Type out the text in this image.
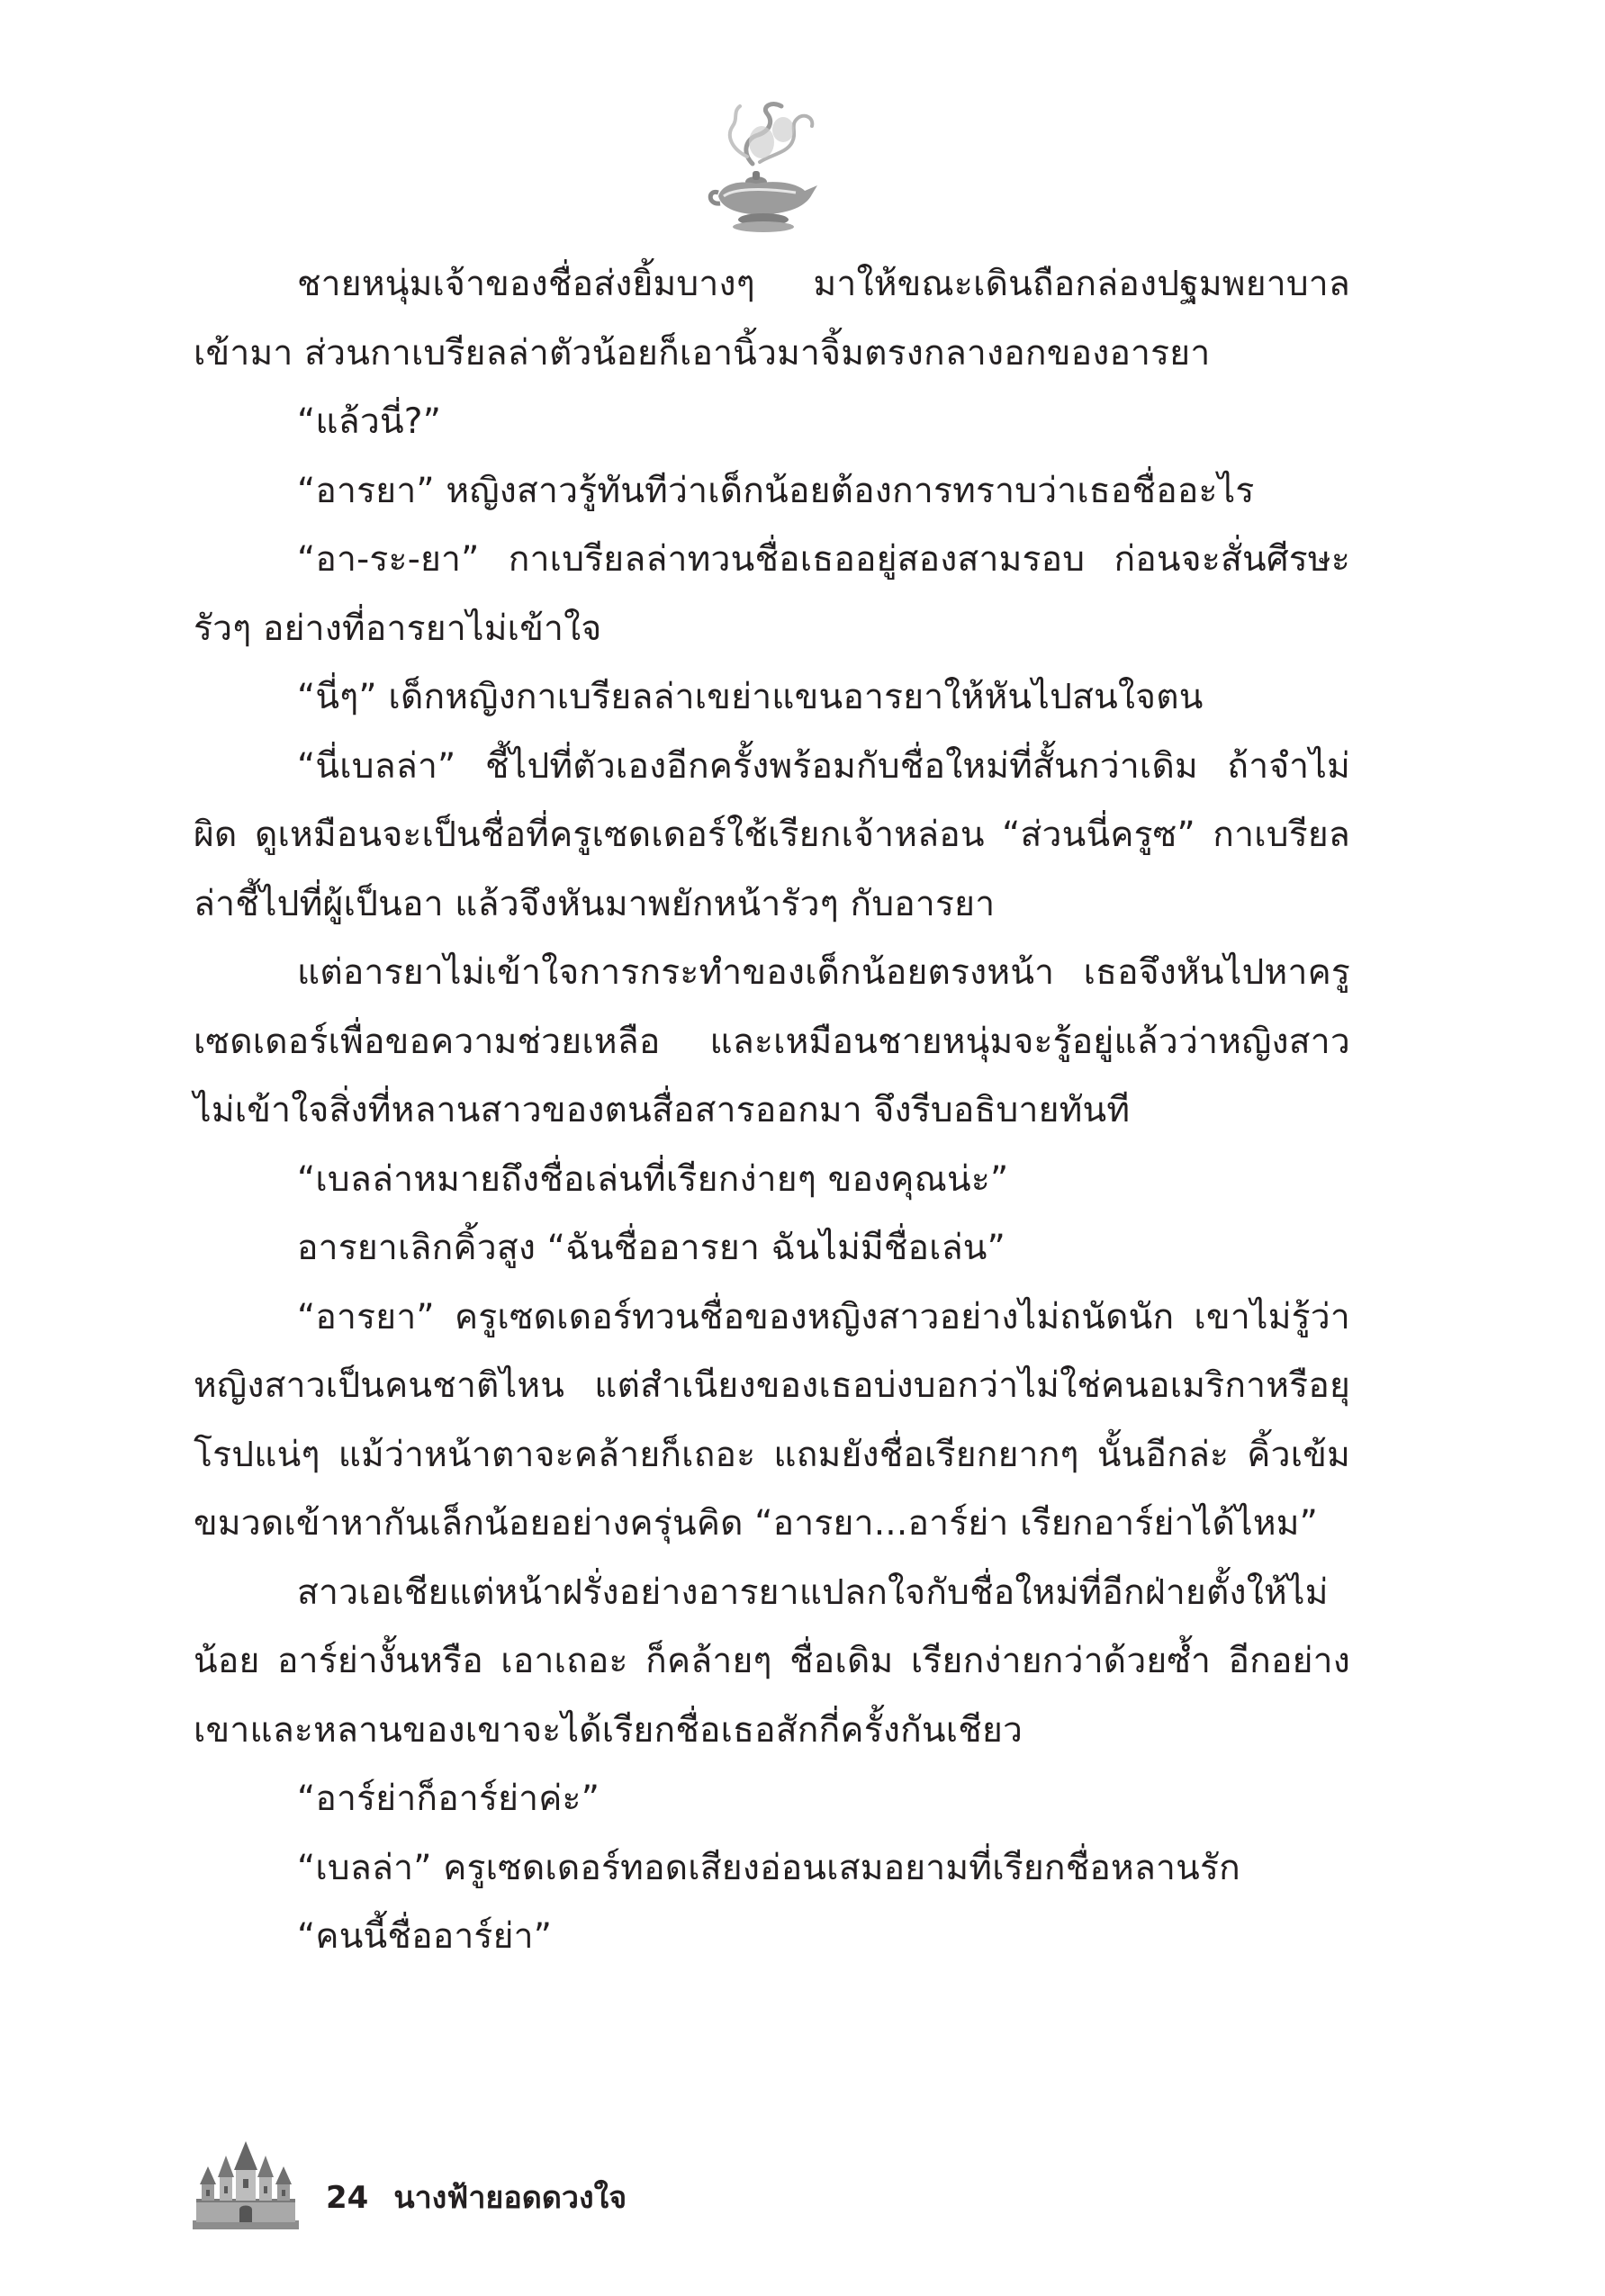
ชายหนุ่มเจ้าของชื่อส่งยิ้มบางๆ มาให้ขณะเดินถือกล่องปฐมพยาบาลเข้ามา ส่วนกาเบรียลล่าตัวน้อยก็เอานิ้วมาจิ้มตรงกลางอกของอารยา

“แล้วนี่?”

“อารยา” หญิงสาวรู้ทันทีว่าเด็กน้อยต้องการทราบว่าเธอชื่ออะไร

“อา-ระ-ยา” กาเบรียลล่าทวนชื่อเธออยู่สองสามรอบ ก่อนจะสั่นศีรษะรัวๆ อย่างที่อารยาไม่เข้าใจ

“นี่ๆ” เด็กหญิงกาเบรียลล่าเขย่าแขนอารยาให้หันไปสนใจตน

“นี่เบลล่า” ชี้ไปที่ตัวเองอีกครั้งพร้อมกับชื่อใหม่ที่สั้นกว่าเดิม ถ้าจำไม่ผิด ดูเหมือนจะเป็นชื่อที่ครูเซดเดอร์ใช้เรียกเจ้าหล่อน “ส่วนนี่ครูซ” กาเบรียลล่าชี้ไปที่ผู้เป็นอา แล้วจึงหันมาพยักหน้ารัวๆ กับอารยา

แต่อารยาไม่เข้าใจการกระทำของเด็กน้อยตรงหน้า เธอจึงหันไปหาครูเซดเดอร์เพื่อขอความช่วยเหลือ และเหมือนชายหนุ่มจะรู้อยู่แล้วว่าหญิงสาวไม่เข้าใจสิ่งที่หลานสาวของตนสื่อสารออกมา จึงรีบอธิบายทันที

“เบลล่าหมายถึงชื่อเล่นที่เรียกง่ายๆ ของคุณน่ะ”

อารยาเลิกคิ้วสูง “ฉันชื่ออารยา ฉันไม่มีชื่อเล่น”

“อารยา” ครูเซดเดอร์ทวนชื่อของหญิงสาวอย่างไม่ถนัดนัก เขาไม่รู้ว่าหญิงสาวเป็นคนชาติไหน แต่สำเนียงของเธอบ่งบอกว่าไม่ใช่คนอเมริกาหรือยุโรปแน่ๆ แม้ว่าหน้าตาจะคล้ายก็เถอะ แถมยังชื่อเรียกยากๆ นั้นอีกล่ะ คิ้วเข้มขมวดเข้าหากันเล็กน้อยอย่างครุ่นคิด “อารยา...อาร์ย่า เรียกอาร์ย่าได้ไหม”

สาวเอเชียแต่หน้าฝรั่งอย่างอารยาแปลกใจกับชื่อใหม่ที่อีกฝ่ายตั้งให้ไม่น้อย อาร์ย่างั้นหรือ เอาเถอะ ก็คล้ายๆ ชื่อเดิม เรียกง่ายกว่าด้วยซ้ำ อีกอย่างเขาและหลานของเขาจะได้เรียกชื่อเธอสักกี่ครั้งกันเชียว

“อาร์ย่าก็อาร์ย่าค่ะ”

“เบลล่า” ครูเซดเดอร์ทอดเสียงอ่อนเสมอยามที่เรียกชื่อหลานรัก

“คนนี้ชื่ออาร์ย่า”

24 นางฟ้ายอดดวงใจ
